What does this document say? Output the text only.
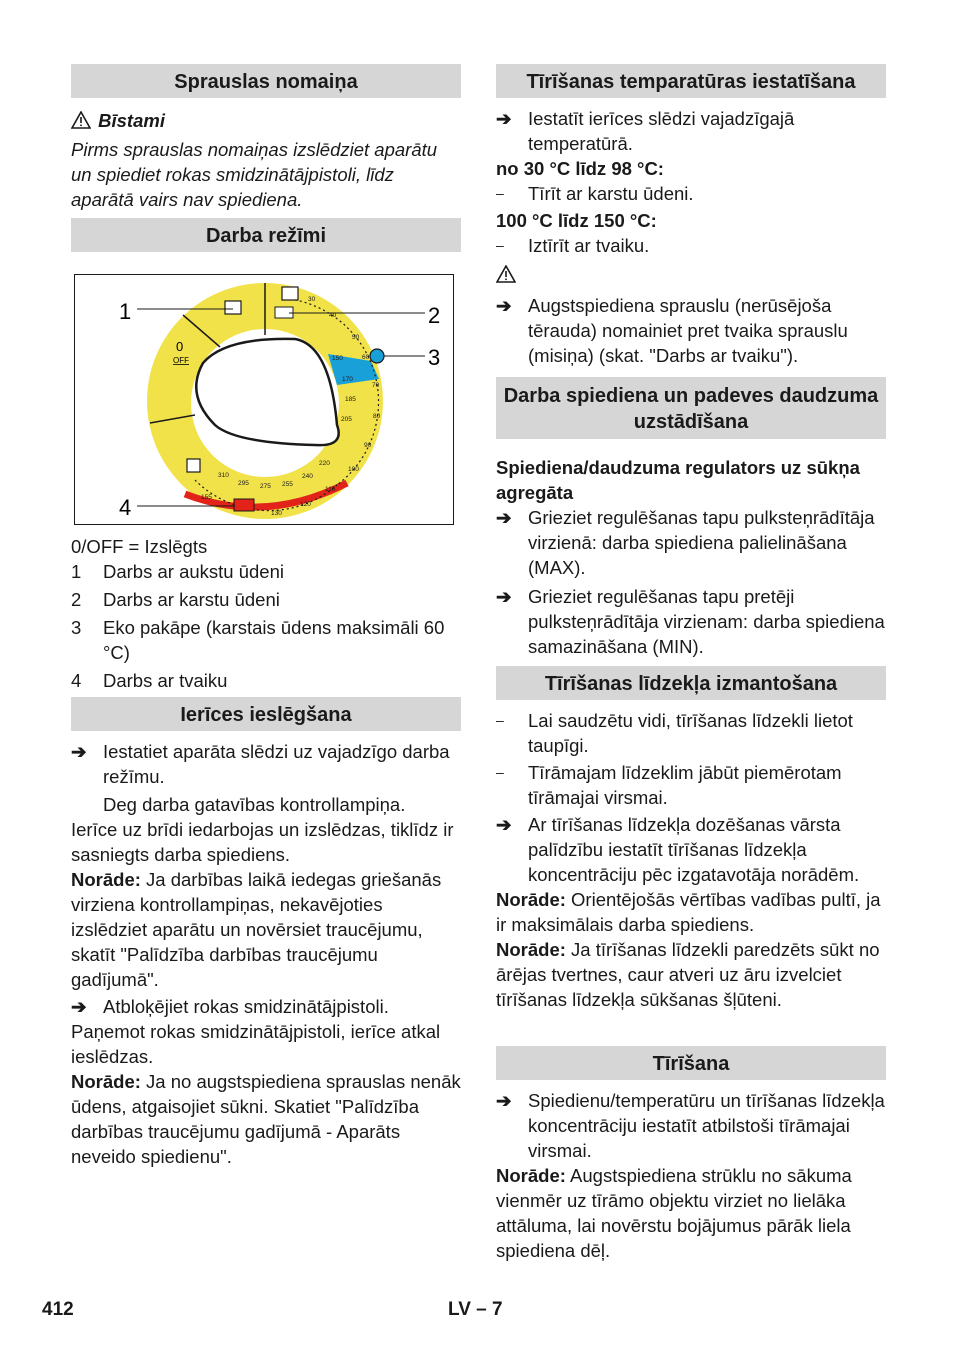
Sprauslas nomaiņa

Bīstami

Pirms sprauslas nomaiņas izslēdziet aparātu un spiediet rokas smidzinātājpistoli, līdz aparātā vairs nav spiediena.

Darba režīmi
0
OFF
30
40
50
60
70
80
90
100
110
120
130
150
155
170
205
185
220
240
255
275
295
310
1	2
3
4

0/OFF = Izslēgts

1	Darbs ar aukstu ūdeni
2	Darbs ar karstu ūdeni
3	Eko pakāpe (karstais ūdens maksimāli 60 °C)
4	Darbs ar tvaiku
Ierīces ieslēgšana
➔ Iestatiet aparāta slēdzi uz vajadzīgo darba režīmu.

Deg darba gatavības kontrollampiņa.

Ierīce uz brīdi iedarbojas un izslēdzas, tiklīdz ir sasniegts darba spiediens.

Norāde: Ja darbības laikā iedegas griešanās virziena kontrollampiņas, nekavējoties izslēdziet aparātu un novērsiet traucējumu, skatīt "Palīdzība darbības traucējumu gadījumā".

➔ Atbloķējiet rokas smidzinātājpistoli.

Paņemot rokas smidzinātājpistoli, ierīce atkal ieslēdzas.

Norāde: Ja no augstspiediena sprauslas nenāk ūdens, atgaisojiet sūkni. Skatiet "Palīdzība darbības traucējumu gadījumā - Aparāts neveido spiedienu".

Tīrīšanas temparatūras iestatīšana
➔ Iestatīt ierīces slēdzi vajadzīgajā temperatūrā.

no 30 °C līdz 98 °C:

–	Tīrīt ar karstu ūdeni.

100 °C līdz 150 °C:

–	Iztīrīt ar tvaiku.

➔ Augstspiediena sprauslu (nerūsējoša tērauda) nomainiet pret tvaika sprauslu (misiņa) (skat. "Darbs ar tvaiku").
Darba spiediena un padeves daudzuma uzstādīšana

Spiediena/daudzuma regulators uz sūkņa agregāta

➔ Grieziet regulēšanas tapu pulksteņrādītāja virzienā: darba spiediena palielināšana (MAX).
➔ Grieziet regulēšanas tapu pretēji pulksteņrādītāja virzienam: darba spiediena samazināšana (MIN).
Tīrīšanas līdzekļa izmantošana
–	Lai saudzētu vidi, tīrīšanas līdzekli lietot taupīgi.
–	Tīrāmajam līdzeklim jābūt piemērotam tīrāmajai virsmai.
➔ Ar tīrīšanas līdzekļa dozēšanas vārsta palīdzību iestatīt tīrīšanas līdzekļa koncentrāciju pēc izgatavotāja norādēm.

Norāde: Orientējošās vērtības vadības pultī, ja ir maksimālais darba spiediens.

Norāde: Ja tīrīšanas līdzekli paredzēts sūkt no ārējas tvertnes, caur atveri uz āru izvelciet tīrīšanas līdzekļa sūkšanas šļūteni.

Tīrīšana
➔ Spiedienu/temperatūru un tīrīšanas līdzekļa koncentrāciju iestatīt atbilstoši tīrāmajai virsmai.

Norāde: Augstspiediena strūklu no sākuma vienmēr uz tīrāmo objektu virziet no lielāka attāluma, lai novērstu bojājumus pārāk liela spiediena dēļ.

412	LV – 7
